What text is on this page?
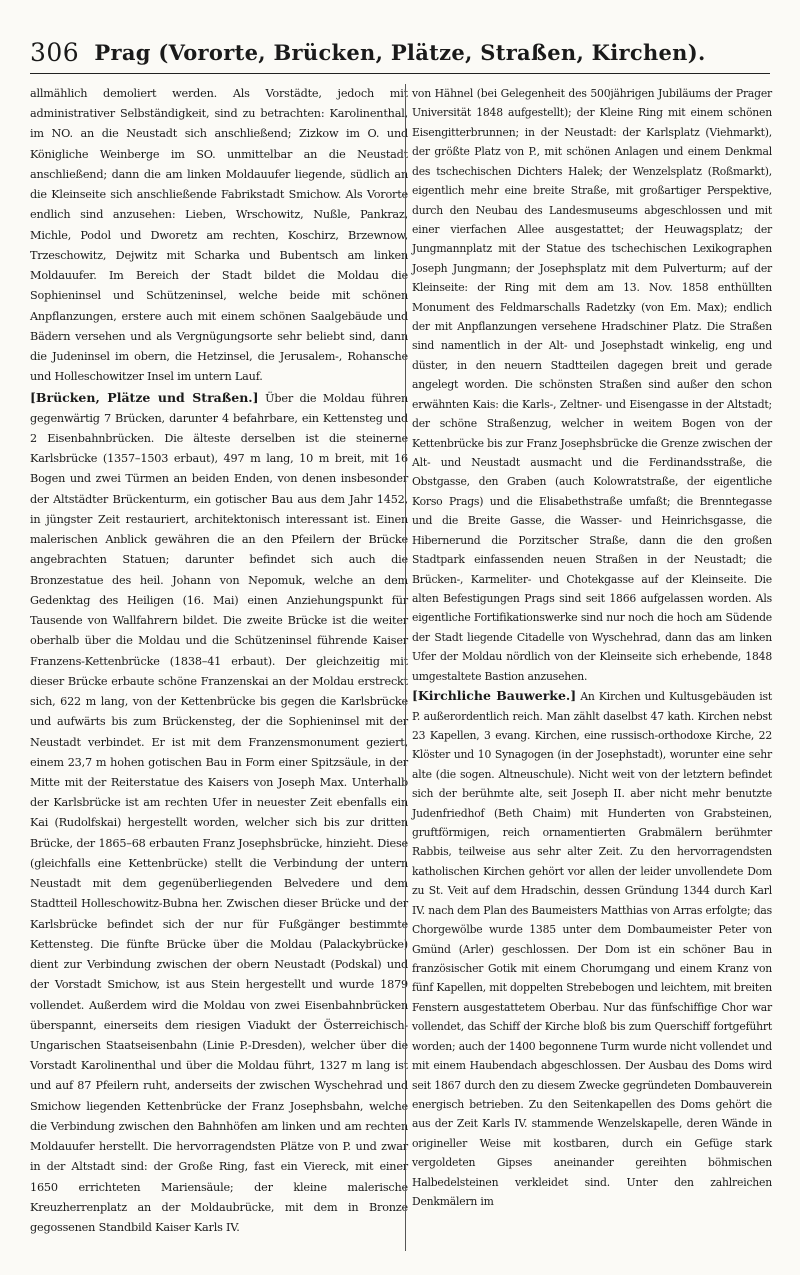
306 Prag (Vororte, Brücken, Plätze, Straßen, Kirchen).

allmählich demoliert werden. Als Vorstädte, jedoch mit administrativer Selbständigkeit, sind zu betrachten: Karolinenthal, im NO. an die Neustadt sich anschließend; Zizkow im O. und Königliche Weinberge im SO. unmittelbar an die Neustadt anschließend; dann die am linken Moldauufer liegende, südlich an die Kleinseite sich anschließende Fabrikstadt Smichow. Als Vororte endlich sind anzusehen: Lieben, Wrschowitz, Nußle, Pankraz, Michle, Podol und Dworetz am rechten, Koschirz, Brzewnow, Trzeschowitz, Dejwitz mit Scharka und Bubentsch am linken Moldauufer. Im Bereich der Stadt bildet die Moldau die Sophieninsel und Schützeninsel, welche beide mit schönen Anpflanzungen, erstere auch mit einem schönen Saalgebäude und Bädern versehen und als Vergnügungsorte sehr beliebt sind, dann die Judeninsel im obern, die Hetzinsel, die Jerusalem-, Rohansche und Holleschowitzer Insel im untern Lauf.

[Brücken, Plätze und Straßen.] Über die Moldau führen gegenwärtig 7 Brücken, darunter 4 befahrbare, ein Kettensteg und 2 Eisenbahnbrücken. Die älteste derselben ist die steinerne Karlsbrücke (1357–1503 erbaut), 497 m lang, 10 m breit, mit 16 Bogen und zwei Türmen an beiden Enden, von denen insbesonder der Altstädter Brückenturm, ein gotischer Bau aus dem Jahr 1452, in jüngster Zeit restauriert, architektonisch interessant ist. Einen malerischen Anblick gewähren die an den Pfeilern der Brücke angebrachten Statuen; darunter befindet sich auch die Bronzestatue des heil. Johann von Nepomuk, welche an dem Gedenktag des Heiligen (16. Mai) einen Anziehungspunkt für Tausende von Wallfahrern bildet. Die zweite Brücke ist die weiter oberhalb über die Moldau und die Schützeninsel führende Kaiser Franzens-Kettenbrücke (1838–41 erbaut). Der gleichzeitig mit dieser Brücke erbaute schöne Franzenskai an der Moldau erstreckt sich, 622 m lang, von der Kettenbrücke bis gegen die Karlsbrücke und aufwärts bis zum Brückensteg, der die Sophieninsel mit der Neustadt verbindet. Er ist mit dem Franzensmonument geziert, einem 23,7 m hohen gotischen Bau in Form einer Spitzsäule, in der Mitte mit der Reiterstatue des Kaisers von Joseph Max. Unterhalb der Karlsbrücke ist am rechten Ufer in neuester Zeit ebenfalls ein Kai (Rudolfskai) hergestellt worden, welcher sich bis zur dritten Brücke, der 1865–68 erbauten Franz Josephsbrücke, hinzieht. Diese (gleichfalls eine Kettenbrücke) stellt die Verbindung der untern Neustadt mit dem gegenüberliegenden Belvedere und dem Stadtteil Holleschowitz-Bubna her. Zwischen dieser Brücke und der Karlsbrücke befindet sich der nur für Fußgänger bestimmte Kettensteg. Die fünfte Brücke über die Moldau (Palackybrücke) dient zur Verbindung zwischen der obern Neustadt (Podskal) und der Vorstadt Smichow, ist aus Stein hergestellt und wurde 1879 vollendet. Außerdem wird die Moldau von zwei Eisenbahnbrücken überspannt, einerseits dem riesigen Viadukt der Österreichisch-Ungarischen Staatseisenbahn (Linie P.-Dresden), welcher über die Vorstadt Karolinenthal und über die Moldau führt, 1327 m lang ist und auf 87 Pfeilern ruht, anderseits der zwischen Wyschehrad und Smichow liegenden Kettenbrücke der Franz Josephsbahn, welche die Verbindung zwischen den Bahnhöfen am linken und am rechten Moldauufer herstellt. Die hervorragendsten Plätze von P. und zwar in der Altstadt sind: der Große Ring, fast ein Viereck, mit einer 1650 errichteten Mariensäule; der kleine malerische Kreuzherrenplatz an der Moldaubrücke, mit dem in Bronze gegossenen Standbild Kaiser Karls IV.

von Hähnel (bei Gelegenheit des 500jährigen Jubiläums der Prager Universität 1848 aufgestellt); der Kleine Ring mit einem schönen Eisengitterbrunnen; in der Neustadt: der Karlsplatz (Viehmarkt), der größte Platz von P., mit schönen Anlagen und einem Denkmal des tschechischen Dichters Halek; der Wenzelsplatz (Roßmarkt), eigentlich mehr eine breite Straße, mit großartiger Perspektive, durch den Neubau des Landesmuseums abgeschlossen und mit einer vierfachen Allee ausgestattet; der Heuwagsplatz; der Jungmannplatz mit der Statue des tschechischen Lexikographen Joseph Jungmann; der Josephsplatz mit dem Pulverturm; auf der Kleinseite: der Ring mit dem am 13. Nov. 1858 enthüllten Monument des Feldmarschalls Radetzky (von Em. Max); endlich der mit Anpflanzungen versehene Hradschiner Platz. Die Straßen sind namentlich in der Alt- und Josephstadt winkelig, eng und düster, in den neuern Stadtteilen dagegen breit und gerade angelegt worden. Die schönsten Straßen sind außer den schon erwähnten Kais: die Karls-, Zeltner- und Eisengasse in der Altstadt; der schöne Straßenzug, welcher in weitem Bogen von der Kettenbrücke bis zur Franz Josephsbrücke die Grenze zwischen der Alt- und Neustadt ausmacht und die Ferdinandsstraße, die Obstgasse, den Graben (auch Kolowratstraße, der eigentliche Korso Prags) und die Elisabethstraße umfaßt; die Brenntegasse und die Breite Gasse, die Wasser- und Heinrichsgasse, die Hibernerund die Porzitscher Straße, dann die den großen Stadtpark einfassenden neuen Straßen in der Neustadt; die Brücken-, Karmeliter- und Chotekgasse auf der Kleinseite. Die alten Befestigungen Prags sind seit 1866 aufgelassen worden. Als eigentliche Fortifikationswerke sind nur noch die hoch am Südende der Stadt liegende Citadelle von Wyschehrad, dann das am linken Ufer der Moldau nördlich von der Kleinseite sich erhebende, 1848 umgestaltete Bastion anzusehen.

[Kirchliche Bauwerke.] An Kirchen und Kultusgebäuden ist P. außerordentlich reich. Man zählt daselbst 47 kath. Kirchen nebst 23 Kapellen, 3 evang. Kirchen, eine russisch-orthodoxe Kirche, 22 Klöster und 10 Synagogen (in der Josephstadt), worunter eine sehr alte (die sogen. Altneuschule). Nicht weit von der letztern befindet sich der berühmte alte, seit Joseph II. aber nicht mehr benutzte Judenfriedhof (Beth Chaim) mit Hunderten von Grabsteinen, gruftförmigen, reich ornamentierten Grabmälern berühmter Rabbis, teilweise aus sehr alter Zeit. Zu den hervorragendsten katholischen Kirchen gehört vor allen der leider unvollendete Dom zu St. Veit auf dem Hradschin, dessen Gründung 1344 durch Karl IV. nach dem Plan des Baumeisters Matthias von Arras erfolgte; das Chorgewölbe wurde 1385 unter dem Dombaumeister Peter von Gmünd (Arler) geschlossen. Der Dom ist ein schöner Bau in französischer Gotik mit einem Chorumgang und einem Kranz von fünf Kapellen, mit doppelten Strebebogen und leichtem, mit breiten Fenstern ausgestattetem Oberbau. Nur das fünfschiffige Chor war vollendet, das Schiff der Kirche bloß bis zum Querschiff fortgeführt worden; auch der 1400 begonnene Turm wurde nicht vollendet und mit einem Haubendach abgeschlossen. Der Ausbau des Doms wird seit 1867 durch den zu diesem Zwecke gegründeten Dombauverein energisch betrieben. Zu den Seitenkapellen des Doms gehört die aus der Zeit Karls IV. stammende Wenzelskapelle, deren Wände in origineller Weise mit kostbaren, durch ein Gefüge stark vergoldeten Gipses aneinander gereihten böhmischen Halbedelsteinen verkleidet sind. Unter den zahlreichen Denkmälern im
